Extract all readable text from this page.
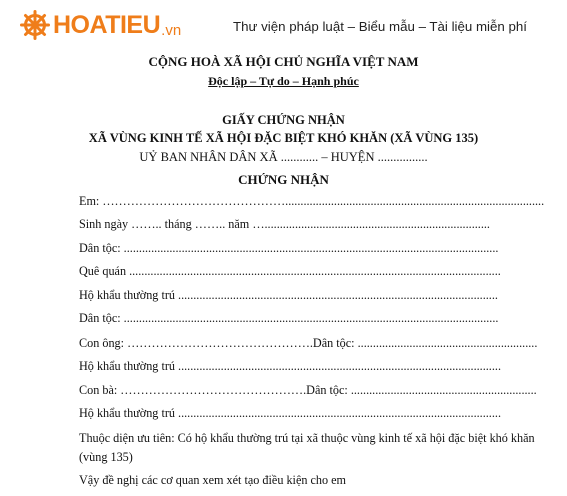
HOATIEU .vn	Thư viện pháp luật – Biểu mẫu – Tài liệu miễn phí
CỘNG HOÀ XÃ HỘI CHỦ NGHĨA VIỆT NAM
Độc lập – Tự do – Hạnh phúc
GIẤY CHỨNG NHẬN
XÃ VÙNG KINH TẾ XÃ HỘI ĐẶC BIỆT KHÓ KHĂN (XÃ VÙNG 135)
UỶ BAN NHÂN DÂN XÃ ............ – HUYỆN ................
CHỨNG NHẬN
Em: ……………………………………….....................................................................................
Sinh ngày …….. tháng …….. năm …..........................................................................
Dân tộc: ...........................................................................................................................
Quê quán ..........................................................................................................................
Hộ khẩu thường trú .........................................................................................................
Dân tộc: ...........................................................................................................................
Con ông: ……………………………………….Dân tộc: ...........................................................
Hộ khẩu thường trú ..........................................................................................................
Con bà: ……………………………………….Dân tộc: .............................................................
Hộ khẩu thường trú ..........................................................................................................
Thuộc diện ưu tiên: Có hộ khẩu thường trú tại xã thuộc vùng kinh tế xã hội đặc biệt khó khăn (vùng 135)
Vậy đề nghị các cơ quan xem xét tạo điều kiện cho em
